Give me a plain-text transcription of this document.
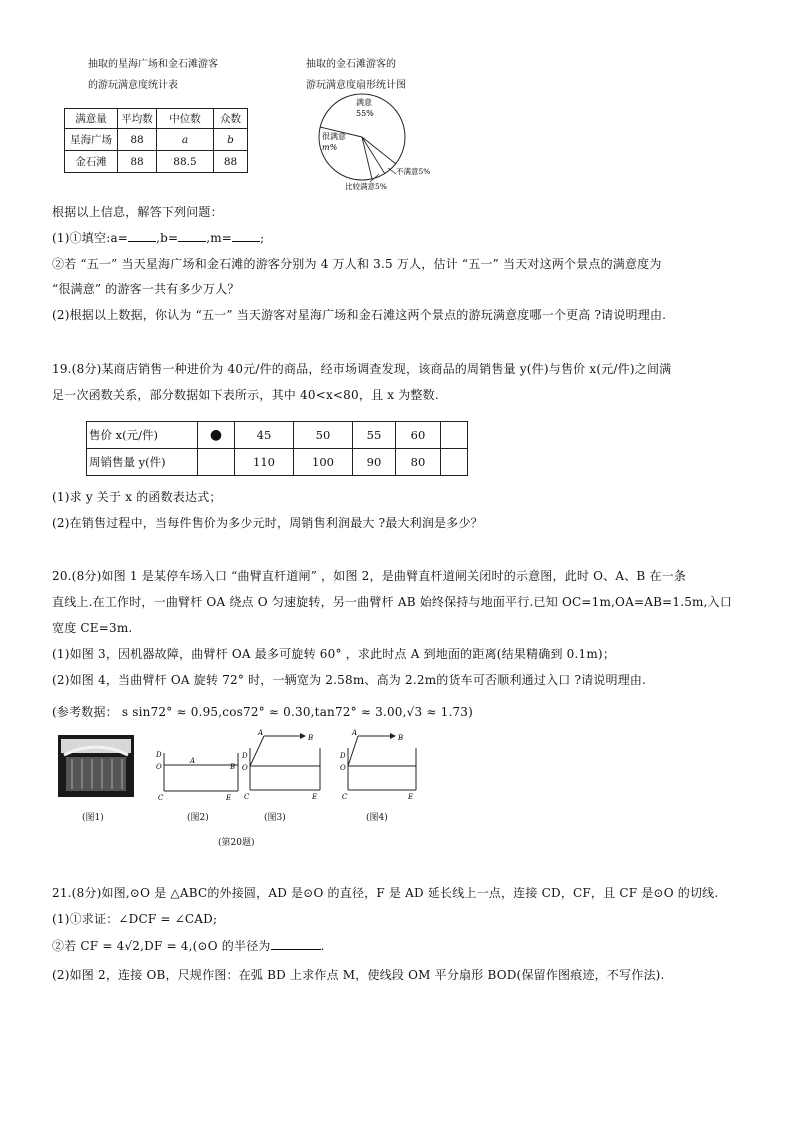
抽取的星海广场和金石滩游客
的游玩满意度统计表
抽取的金石滩游客的
游玩满意度扇形统计图
满意量	平均数	中位数	众数
星海广场	88	a	b
金石滩	88	88.5	88
满意
55%
很满意
m%
不满意5%
比较满意5%
根据以上信息，解答下列问题：
(1)①填空:a= ,b= ,m= ;
②若 “五一” 当天星海广场和金石滩的游客分别为 4 万人和 3.5 万人，估计 “五一” 当天对这两个景点的满意度为
“很满意” 的游客一共有多少万人？
(2)根据以上数据，你认为 “五一” 当天游客对星海广场和金石滩这两个景点的游玩满意度哪一个更高 ?请说明理由.
19.(8分)某商店销售一种进价为 40元/件的商品，经市场调查发现，该商品的周销售量 y(件)与售价 x(元/件)之间满
足一次函数关系，部分数据如下表所示，其中 40<x<80，且 x 为整数.
售价 x(元/件)	●	45	50	55	60	
周销售量 y(件)		110	100	90	80	
(1)求 y 关于 x 的函数表达式；
(2)在销售过程中，当每件售价为多少元时，周销售利润最大 ?最大利润是多少？
20.(8分)如图 1 是某停车场入口 “曲臂直杆道闸” ，如图 2，是曲臂直杆道闸关闭时的示意图，此时 O、A、B 在一条
直线上.在工作时，一曲臂杆 OA 绕点 O 匀速旋转，另一曲臂杆 AB 始终保持与地面平行.已知 OC=1m,OA=AB=1.5m,入口
宽度 CE=3m.
(1)如图 3，因机器故障，曲臂杆 OA 最多可旋转 60° ，求此时点 A 到地面的距离(结果精确到 0.1m)；
(2)如图 4，当曲臂杆 OA 旋转 72° 时，一辆宽为 2.58m、高为 2.2m的货车可否顺利通过入口 ?请说明理由.
(参考数据： s sin72° ≈ 0.95,cos72° ≈ 0.30,tan72° ≈ 3.00,√3 ≈ 1.73)
D
O
A
B
C	E
A
B
D
O
C	E
A
B
D
O
C	E
(图1)	(图2)	(图3)	(图4)
(第20题)
21.(8分)如图,⊙O 是 △ABC的外接圆，AD 是⊙O 的直径，F 是 AD 延长线上一点，连接 CD，CF，且 CF 是⊙O 的切线.
(1)①求证：∠DCF = ∠CAD;
②若 CF = 4√2,DF = 4,(⊙O 的半径为	.
(2)如图 2，连接 OB，尺规作图：在弧 BD 上求作点 M，使线段 OM 平分扇形 BOD(保留作图痕迹，不写作法).
